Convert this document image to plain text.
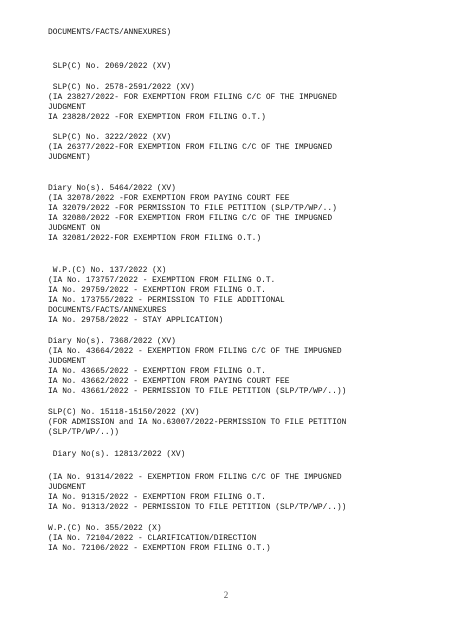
DOCUMENTS/FACTS/ANNEXURES)
SLP(C) No. 2069/2022 (XV)
SLP(C) No. 2578-2591/2022 (XV)
(IA 23827/2022- FOR EXEMPTION FROM FILING C/C OF THE IMPUGNED
JUDGMENT
IA 23828/2022 -FOR EXEMPTION FROM FILING O.T.)
SLP(C) No. 3222/2022 (XV)
(IA 26377/2022-FOR EXEMPTION FROM FILING C/C OF THE IMPUGNED
JUDGMENT)
Diary No(s). 5464/2022 (XV)
(IA 32078/2022 -FOR EXEMPTION FROM PAYING COURT FEE
IA 32079/2022 -FOR PERMISSION TO FILE PETITION (SLP/TP/WP/..)
IA 32080/2022 -FOR EXEMPTION FROM FILING C/C OF THE IMPUGNED
JUDGMENT ON
IA 32081/2022-FOR EXEMPTION FROM FILING O.T.)
W.P.(C) No. 137/2022 (X)
(IA No. 173757/2022 - EXEMPTION FROM FILING O.T.
IA No. 29759/2022 - EXEMPTION FROM FILING O.T.
IA No. 173755/2022 - PERMISSION TO FILE ADDITIONAL
DOCUMENTS/FACTS/ANNEXURES
IA No. 29758/2022 - STAY APPLICATION)
Diary No(s). 7368/2022 (XV)
(IA No. 43664/2022 - EXEMPTION FROM FILING C/C OF THE IMPUGNED
JUDGMENT
IA No. 43665/2022 - EXEMPTION FROM FILING O.T.
IA No. 43662/2022 - EXEMPTION FROM PAYING COURT FEE
IA No. 43661/2022 - PERMISSION TO FILE PETITION (SLP/TP/WP/..))
SLP(C) No. 15118-15150/2022 (XV)
(FOR ADMISSION and IA No.63007/2022-PERMISSION TO FILE PETITION
(SLP/TP/WP/..))
Diary No(s). 12813/2022 (XV)
(IA No. 91314/2022 - EXEMPTION FROM FILING C/C OF THE IMPUGNED
JUDGMENT
IA No. 91315/2022 - EXEMPTION FROM FILING O.T.
IA No. 91313/2022 - PERMISSION TO FILE PETITION (SLP/TP/WP/..))
W.P.(C) No. 355/2022 (X)
(IA No. 72104/2022 - CLARIFICATION/DIRECTION
IA No. 72106/2022 - EXEMPTION FROM FILING O.T.)
2
